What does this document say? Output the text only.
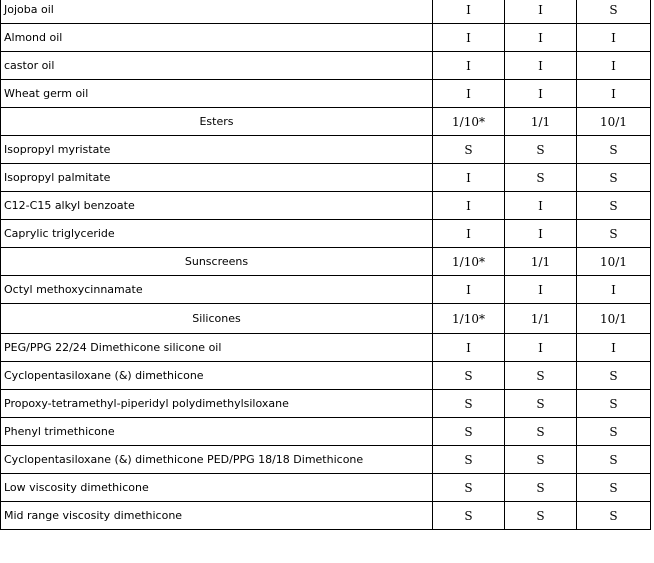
Jojoba oil	I	I	S
Almond oil	I	I	I
castor oil	I	I	I
Wheat germ oil	I	I	I
Esters	1/10*	1/1	10/1
Isopropyl myristate	S	S	S
Isopropyl palmitate	I	S	S
C12-C15 alkyl benzoate	I	I	S
Caprylic triglyceride	I	I	S
Sunscreens	1/10*	1/1	10/1
Octyl methoxycinnamate	I	I	I
Silicones	1/10*	1/1	10/1
PEG/PPG 22/24 Dimethicone silicone oil	I	I	I
Cyclopentasiloxane (&) dimethicone	S	S	S
Propoxy-tetramethyl-piperidyl polydimethylsiloxane	S	S	S
Phenyl trimethicone	S	S	S
Cyclopentasiloxane (&) dimethicone PED/PPG 18/18 Dimethicone	S	S	S
Low viscosity dimethicone	S	S	S
Mid range viscosity dimethicone	S	S	S
